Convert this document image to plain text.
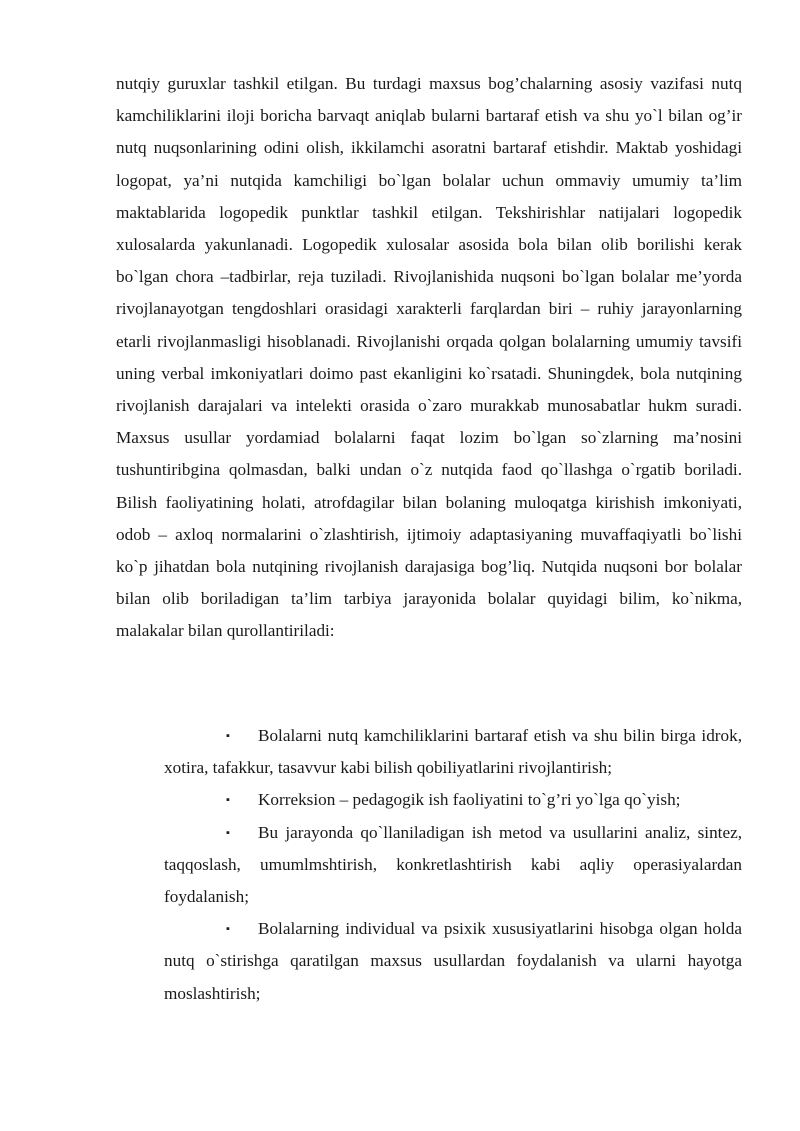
nutqiy guruxlar tashkil etilgan. Bu turdagi maxsus bog’chalarning asosiy vazifasi nutq kamchiliklarini iloji boricha barvaqt aniqlab bularni bartaraf etish va shu yo`l bilan og’ir nutq nuqsonlarining odini olish, ikkilamchi asoratni bartaraf etishdir. Maktab yoshidagi logopat, ya’ni nutqida kamchiligi bo`lgan bolalar uchun ommaviy umumiy ta’lim maktablarida logopedik punktlar tashkil etilgan. Tekshirishlar natijalari logopedik xulosalarda yakunlanadi. Logopedik xulosalar asosida bola bilan olib borilishi kerak bo`lgan chora –tadbirlar, reja tuziladi. Rivojlanishida nuqsoni bo`lgan bolalar me’yorda rivojlanayotgan tengdoshlari orasidagi xarakterli farqlardan biri – ruhiy jarayonlarning etarli rivojlanmasligi hisoblanadi. Rivojlanishi orqada qolgan bolalarning umumiy tavsifi uning verbal imkoniyatlari doimo past ekanligini ko`rsatadi. Shuningdek, bola nutqining rivojlanish darajalari va intelekti orasida o`zaro murakkab munosabatlar hukm suradi. Maxsus usullar yordamiad bolalarni faqat lozim bo`lgan so`zlarning ma’nosini tushuntiribgina qolmasdan, balki undan o`z nutqida faod qo`llashga o`rgatib boriladi. Bilish faoliyatining holati, atrofdagilar bilan bolaning muloqatga kirishish imkoniyati, odob – axloq normalarini o`zlashtirish, ijtimoiy adaptasiyaning muvaffaqiyatli bo`lishi ko`p jihatdan bola nutqining rivojlanish darajasiga bog’liq. Nutqida nuqsoni bor bolalar bilan olib boriladigan ta’lim tarbiya jarayonida bolalar quyidagi bilim, ko`nikma, malakalar bilan qurollantiriladi:

▪ Bolalarni nutq kamchiliklarini bartaraf etish va shu bilin birga idrok, xotira, tafakkur, tasavvur kabi bilish qobiliyatlarini rivojlantirish;
▪ Korreksion – pedagogik ish faoliyatini to`g’ri yo`lga qo`yish;
▪ Bu jarayonda qo`llaniladigan ish metod va usullarini analiz, sintez, taqqoslash, umumlmshtirish, konkretlashtirish kabi aqliy operasiyalardan foydalanish;
▪ Bolalarning individual va psixik xususiyatlarini hisobga olgan holda nutq o`stirishga qaratilgan maxsus usullardan foydalanish va ularni hayotga moslashtirish;
